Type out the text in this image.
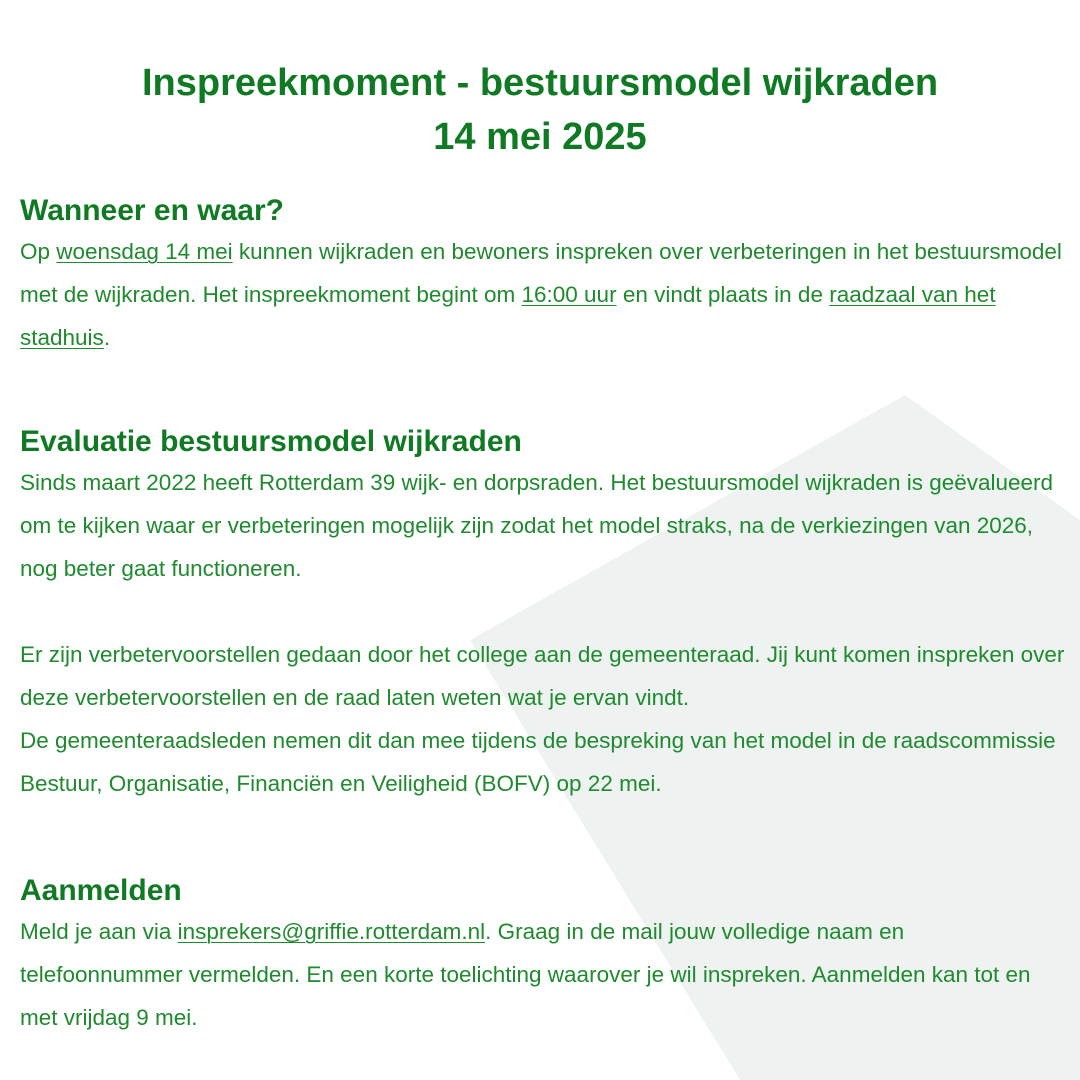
Inspreekmoment - bestuursmodel wijkraden
14 mei 2025
Wanneer en waar?

Op woensdag 14 mei kunnen wijkraden en bewoners inspreken over verbeteringen in het bestuursmodel met de wijkraden. Het inspreekmoment begint om 16:00 uur en vindt plaats in de raadzaal van het stadhuis.

Evaluatie bestuursmodel wijkraden

Sinds maart 2022 heeft Rotterdam 39 wijk- en dorpsraden. Het bestuursmodel wijkraden is geëvalueerd om te kijken waar er verbeteringen mogelijk zijn zodat het model straks, na de verkiezingen van 2026, nog beter gaat functioneren.

Er zijn verbetervoorstellen gedaan door het college aan de gemeenteraad. Jij kunt komen inspreken over deze verbetervoorstellen en de raad laten weten wat je ervan vindt.

De gemeenteraadsleden nemen dit dan mee tijdens de bespreking van het model in de raadscommissie Bestuur, Organisatie, Financiën en Veiligheid (BOFV) op 22 mei.

Aanmelden

Meld je aan via insprekers@griffie.rotterdam.nl. Graag in de mail jouw volledige naam en telefoonnummer vermelden. En een korte toelichting waarover je wil inspreken. Aanmelden kan tot en met vrijdag 9 mei.
